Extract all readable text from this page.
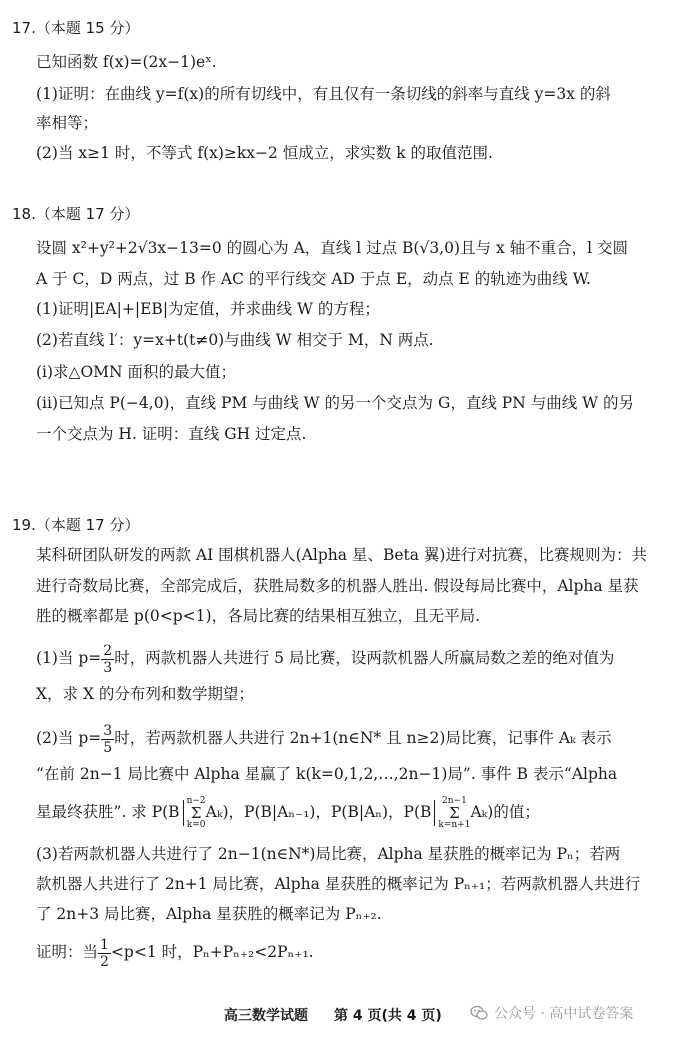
17.（本题 15 分）
已知函数 f(x)=(2x−1)eˣ.
(1)证明：在曲线 y=f(x)的所有切线中，有且仅有一条切线的斜率与直线 y=3x 的斜
率相等；
(2)当 x≥1 时，不等式 f(x)≥kx−2 恒成立，求实数 k 的取值范围.
18.（本题 17 分）
设圆 x²+y²+2√3x−13=0 的圆心为 A，直线 l 过点 B(√3,0)且与 x 轴不重合，l 交圆
A 于 C，D 两点，过 B 作 AC 的平行线交 AD 于点 E，动点 E 的轨迹为曲线 W.
(1)证明|EA|+|EB|为定值，并求曲线 W 的方程；
(2)若直线 l′：y=x+t(t≠0)与曲线 W 相交于 M，N 两点.
(i)求△OMN 面积的最大值；
(ii)已知点 P(−4,0)，直线 PM 与曲线 W 的另一个交点为 G，直线 PN 与曲线 W 的另
一个交点为 H. 证明：直线 GH 过定点.
19.（本题 17 分）
某科研团队研发的两款 AI 围棋机器人(Alpha 星、Beta 翼)进行对抗赛，比赛规则为：共
进行奇数局比赛，全部完成后，获胜局数多的机器人胜出. 假设每局比赛中，Alpha 星获
胜的概率都是 p(0<p<1)，各局比赛的结果相互独立，且无平局.
(1)当 $p= \frac{2}{3}$ 时，两款机器人共进行 5 局比赛，设两款机器人所赢局数之差的绝对值为
X，求 X 的分布列和数学期望；
(2)当 $p= \frac{3}{5}$ 时，若两款机器人共进行 2n+1(n∈N* 且 n≥2)局比赛，记事件 Aₖ 表示
“在前 2n−1 局比赛中 Alpha 星赢了 k(k=0,1,2,…,2n−1)局”. 事件 B 表示“Alpha
星最终获胜”. 求 P(B
n−2
Σ
k=0
Aₖ)，P(B|Aₙ₋₁)，P(B|Aₙ)，P(B
2n−1
Σ
k=n+1
Aₖ)的值；
(3)若两款机器人共进行了 2n−1(n∈N*)局比赛，Alpha 星获胜的概率记为 Pₙ；若两
款机器人共进行了 2n+1 局比赛，Alpha 星获胜的概率记为 Pₙ₊₁；若两款机器人共进行
了 2n+3 局比赛，Alpha 星获胜的概率记为 Pₙ₊₂.
证明：当 $\frac{1}{2} <p<1$ 时，Pₙ+Pₙ₊₂<2Pₙ₊₁.
高三数学试题 第 4 页(共 4 页)	公众号 · 高中试卷答案
